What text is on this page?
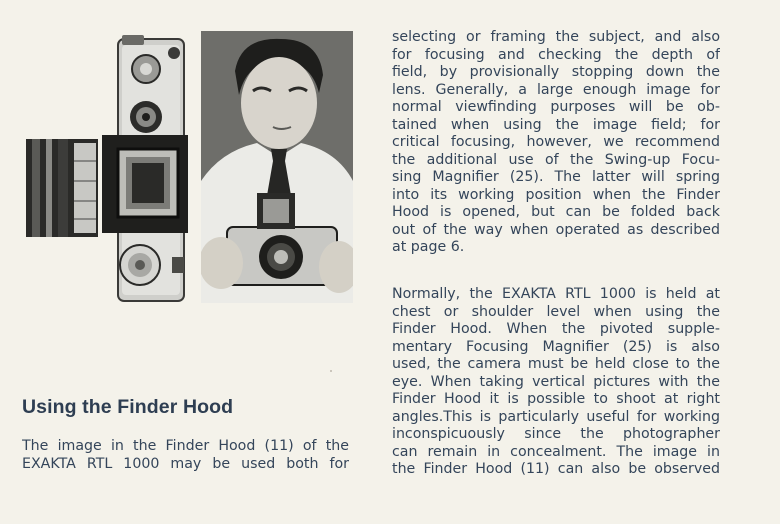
Using the Finder Hood
The image in the Finder Hood (11) of the
EXAKTA RTL 1000 may be used both for
selecting or framing the subject, and also
for focusing and checking the depth of
field, by provisionally stopping down the
lens. Generally, a large enough image for
normal viewfinding purposes will be ob-
tained when using the image field; for
critical focusing, however, we recommend
the additional use of the Swing-up Focu-
sing Magnifier (25). The latter will spring
into its working position when the Finder
Hood is opened, but can be folded back
out of the way when operated as described
at page 6.
Normally, the EXAKTA RTL 1000 is held at
chest or shoulder level when using the
Finder Hood. When the pivoted supple-
mentary Focusing Magnifier (25) is also
used, the camera must be held close to the
eye. When taking vertical pictures with the
Finder Hood it is possible to shoot at right
angles.This is particularly useful for working
inconspicuously since the photographer
can remain in concealment. The image in
the Finder Hood (11) can also be observed
